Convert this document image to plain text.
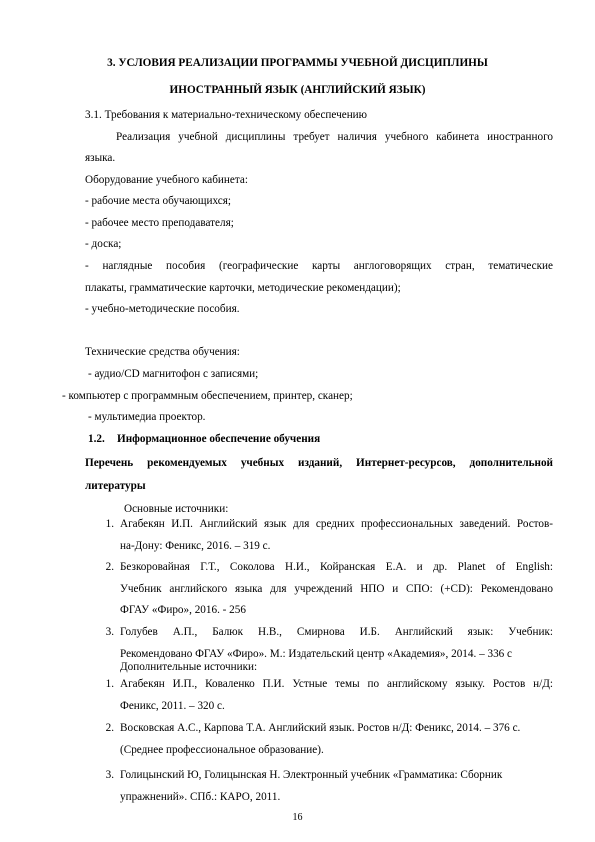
3. УСЛОВИЯ РЕАЛИЗАЦИИ ПРОГРАММЫ УЧЕБНОЙ ДИСЦИПЛИНЫ
ИНОСТРАННЫЙ ЯЗЫК (АНГЛИЙСКИЙ ЯЗЫК)
3.1. Требования к материально-техническому обеспечению
Реализация учебной дисциплины требует наличия учебного кабинета иностранного
языка.
Оборудование учебного кабинета:
- рабочие места обучающихся;
- рабочее место преподавателя;
- доска;
- наглядные пособия (географические карты англоговорящих стран, тематические
плакаты, грамматические карточки, методические рекомендации);
- учебно-методические пособия.
Технические средства обучения:
- аудио/CD магнитофон с записями;
- компьютер с программным обеспечением, принтер, сканер;
- мультимедиа проектор.
1.2. Информационное обеспечение обучения
Перечень рекомендуемых учебных изданий, Интернет-ресурсов, дополнительной
литературы
Основные источники:
1. Агабекян И.П. Английский язык для средних профессиональных заведений. Ростов-
на-Дону: Феникс, 2016. – 319 с.
2. Безкоровайная Г.Т., Соколова Н.И., Койранская Е.А. и др. Planet of English:
Учебник английского языка для учреждений НПО и СПО: (+CD): Рекомендовано
ФГАУ «Фиро», 2016. - 256
3. Голубев А.П., Балюк Н.В., Смирнова И.Б. Английский язык: Учебник:
Рекомендовано ФГАУ «Фиро». М.: Издательский центр «Академия», 2014. – 336 с
Дополнительные источники:
1. Агабекян И.П., Коваленко П.И. Устные темы по английскому языку. Ростов н/Д:
Феникс, 2011. – 320 с.
2. Восковская А.С., Карпова Т.А. Английский язык. Ростов н/Д: Феникс, 2014. – 376 с.
(Среднее профессиональное образование).
3. Голицынский Ю, Голицынская Н. Электронный учебник «Грамматика: Сборник
упражнений». СПб.: КАРО, 2011.
16
